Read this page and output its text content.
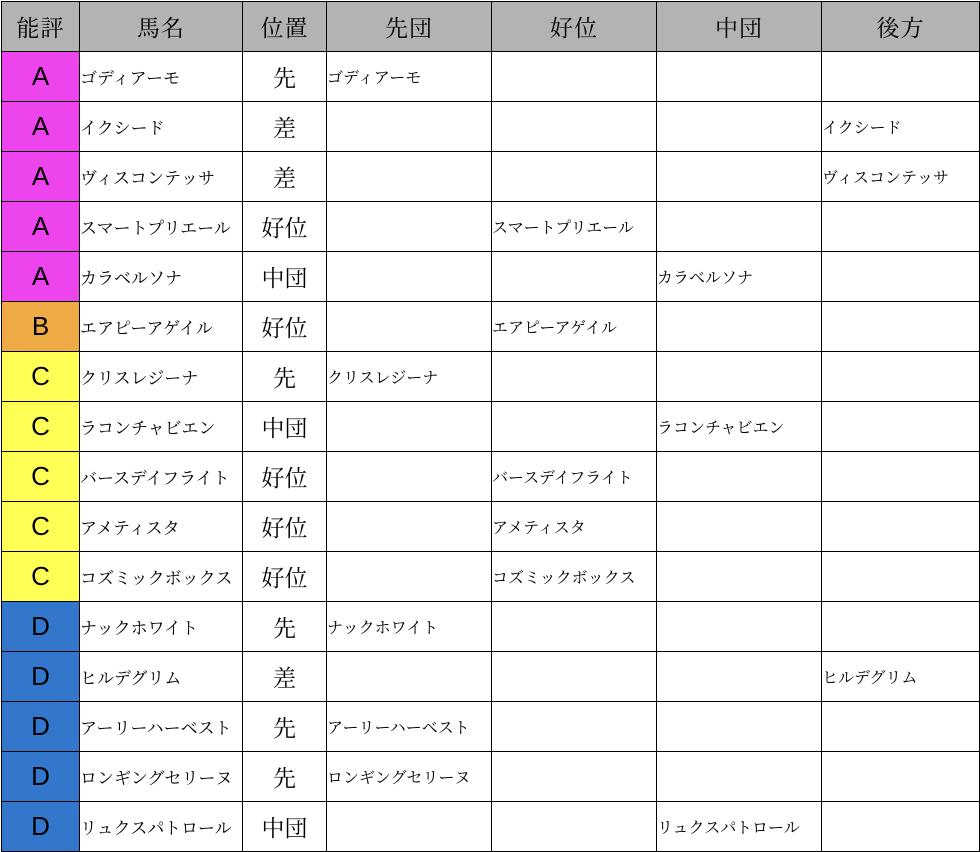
能評	馬名	位置	先団	好位	中団	後方
A	ゴディアーモ	先	ゴディアーモ			
A	イクシード	差				イクシード
A	ヴィスコンテッサ	差				ヴィスコンテッサ
A	スマートプリエール	好位		スマートプリエール		
A	カラベルソナ	中団			カラベルソナ	
B	エアピーアゲイル	好位		エアピーアゲイル		
C	クリスレジーナ	先	クリスレジーナ			
C	ラコンチャビエン	中団			ラコンチャビエン	
C	バースデイフライト	好位		バースデイフライト		
C	アメティスタ	好位		アメティスタ		
C	コズミックボックス	好位		コズミックボックス		
D	ナックホワイト	先	ナックホワイト			
D	ヒルデグリム	差				ヒルデグリム
D	アーリーハーベスト	先	アーリーハーベスト			
D	ロンギングセリーヌ	先	ロンギングセリーヌ			
D	リュクスパトロール	中団			リュクスパトロール	
